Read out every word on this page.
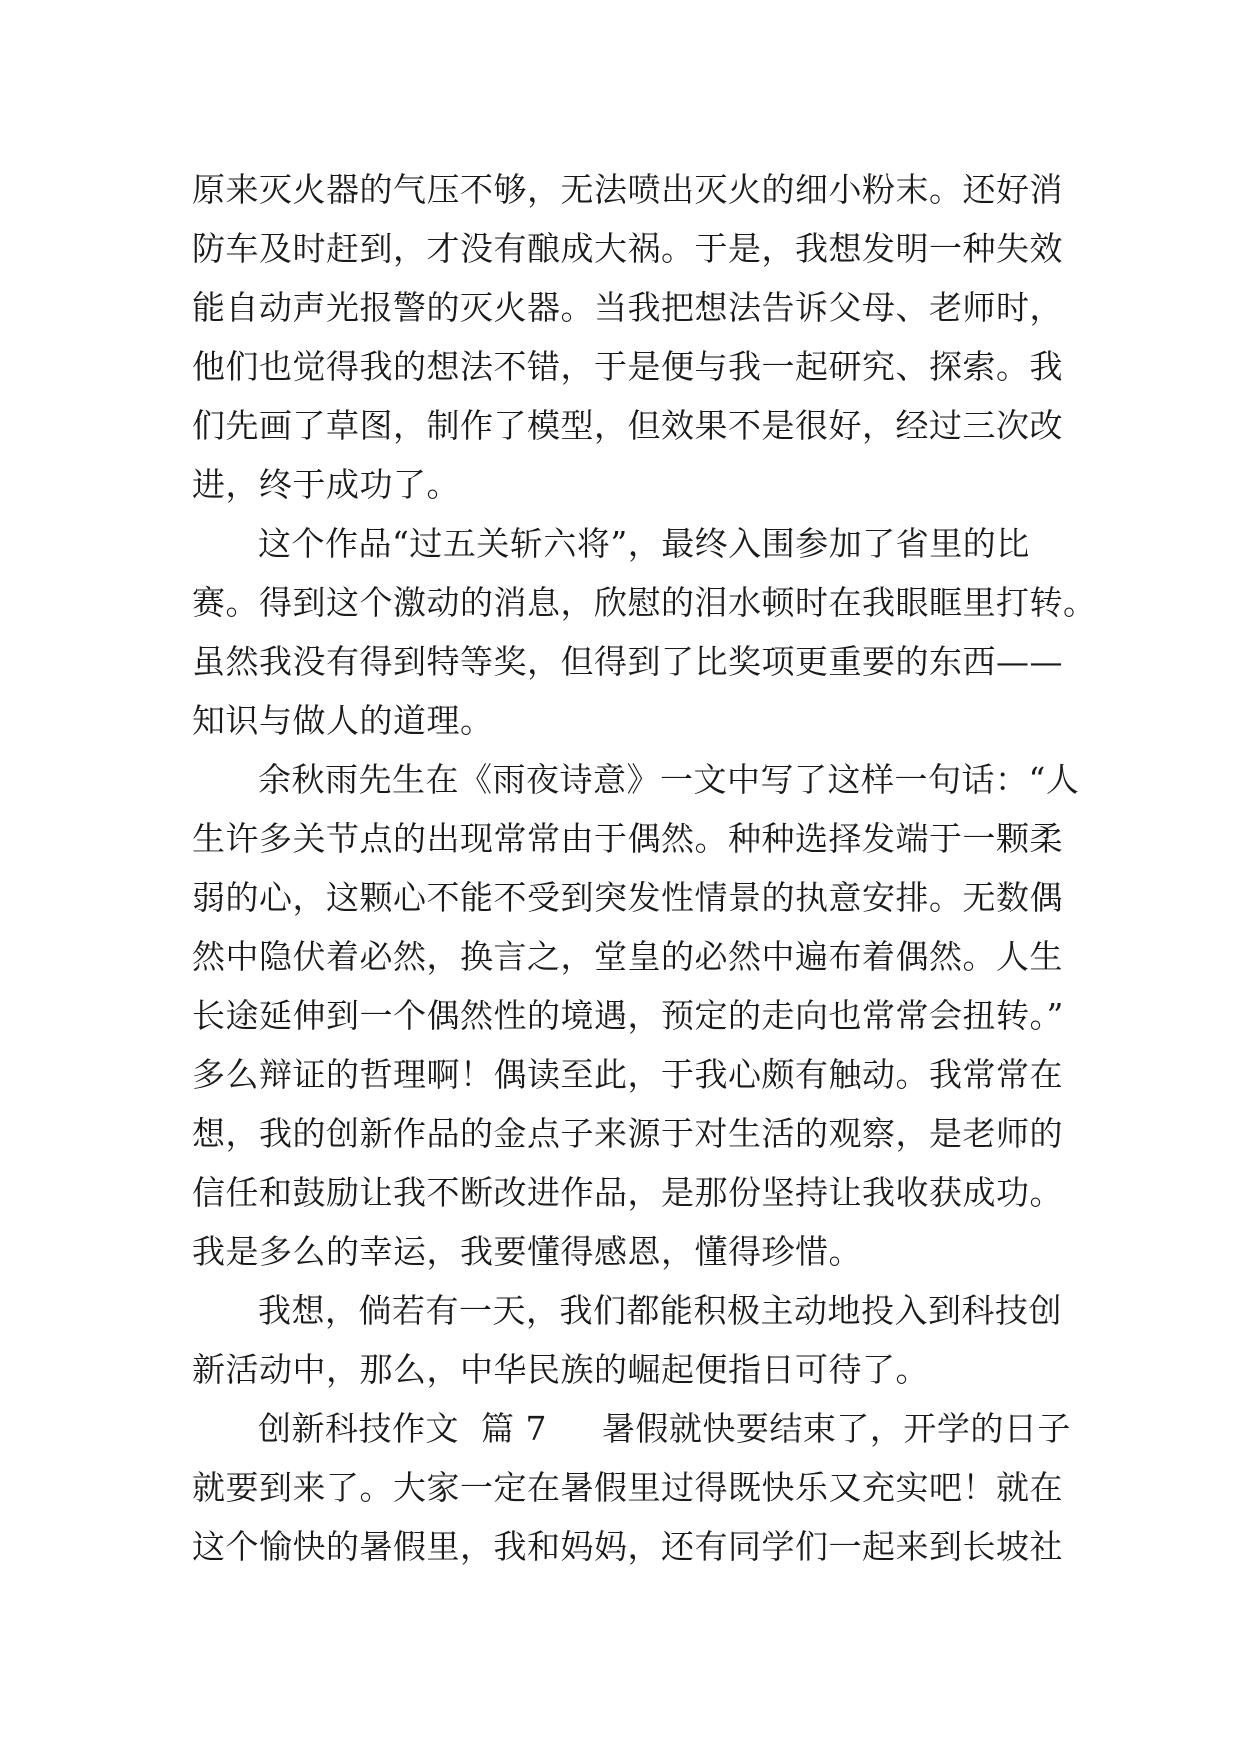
原来灭火器的气压不够，无法喷出灭火的细小粉末。还好消
防车及时赶到，才没有酿成大祸。于是，我想发明一种失效
能自动声光报警的灭火器。当我把想法告诉父母、老师时，
他们也觉得我的想法不错，于是便与我一起研究、探索。我
们先画了草图，制作了模型，但效果不是很好，经过三次改
进，终于成功了。
这个作品“过五关斩六将”，最终入围参加了省里的比
赛。得到这个激动的消息，欣慰的泪水顿时在我眼眶里打转。
虽然我没有得到特等奖，但得到了比奖项更重要的东西——
知识与做人的道理。
余秋雨先生在《雨夜诗意》一文中写了这样一句话：“人
生许多关节点的出现常常由于偶然。种种选择发端于一颗柔
弱的心，这颗心不能不受到突发性情景的执意安排。无数偶
然中隐伏着必然，换言之，堂皇的必然中遍布着偶然。人生
长途延伸到一个偶然性的境遇，预定的走向也常常会扭转。”
多么辩证的哲理啊！偶读至此，于我心颇有触动。我常常在
想，我的创新作品的金点子来源于对生活的观察，是老师的
信任和鼓励让我不断改进作品，是那份坚持让我收获成功。
我是多么的幸运，我要懂得感恩，懂得珍惜。
我想，倘若有一天，我们都能积极主动地投入到科技创
新活动中，那么，中华民族的崛起便指日可待了。
创新科技作文  篇 7     暑假就快要结束了，开学的日子
就要到来了。大家一定在暑假里过得既快乐又充实吧！就在
这个愉快的暑假里，我和妈妈，还有同学们一起来到长坡社
